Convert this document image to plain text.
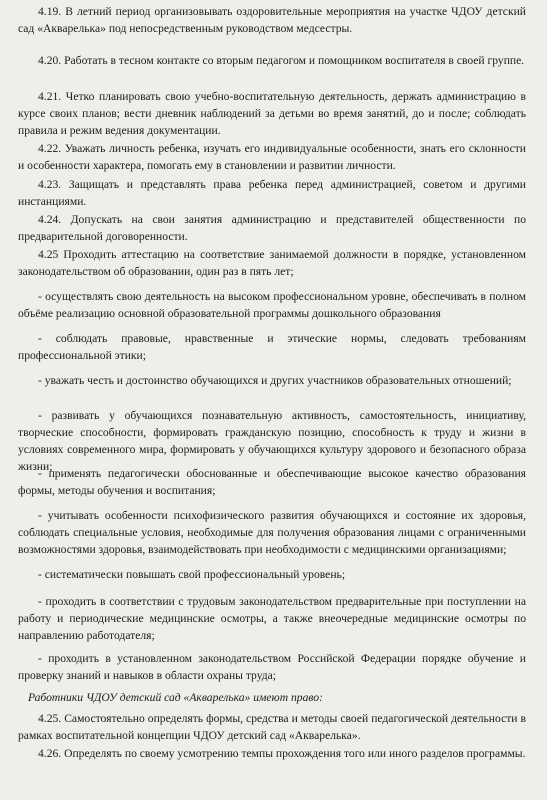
4.19. В летний период организовывать оздоровительные мероприятия на участке ЧДОУ детский сад «Акварелька» под непосредственным руководством медсестры.

4.20. Работать в тесном контакте со вторым педагогом и помощником воспитателя в своей группе.

4.21. Четко планировать свою учебно-воспитательную деятельность, держать администрацию в курсе своих планов; вести дневник наблюдений за детьми во время занятий, до и после; соблюдать правила и режим ведения документации.

4.22. Уважать личность ребенка, изучать его индивидуальные особенности, знать его склонности и особенности характера, помогать ему в становлении и развитии личности.

4.23. Защищать и представлять права ребенка перед администрацией, советом и другими инстанциями.

4.24. Допускать на свои занятия администрацию и представителей общественности по предварительной договоренности.

4.25 Проходить аттестацию на соответствие занимаемой должности в порядке, установленном законодательством об образовании, один раз в пять лет;

- осуществлять свою деятельность на высоком профессиональном уровне, обеспечивать в полном объёме реализацию основной образовательной программы дошкольного образования

- соблюдать правовые, нравственные и этические нормы, следовать требованиям профессиональной этики;

- уважать честь и достоинство обучающихся и других участников образовательных отношений;

- развивать у обучающихся познавательную активность, самостоятельность, инициативу, творческие способности, формировать гражданскую позицию, способность к труду и жизни в условиях современного мира, формировать у обучающихся культуру здорового и безопасного образа жизни;

- применять педагогически обоснованные и обеспечивающие высокое качество образования формы, методы обучения и воспитания;

- учитывать особенности психофизического развития обучающихся и состояние их здоровья, соблюдать специальные условия, необходимые для получения образования лицами с ограниченными возможностями здоровья, взаимодействовать при необходимости с медицинскими организациями;

- систематически повышать свой профессиональный уровень;

- проходить в соответствии с трудовым законодательством предварительные при поступлении на работу и периодические медицинские осмотры, а также внеочередные медицинские осмотры по направлению работодателя;

- проходить в установленном законодательством Российской Федерации порядке обучение и проверку знаний и навыков в области охраны труда;

Работники ЧДОУ детский сад «Акварелька» имеют право:

4.25. Самостоятельно определять формы, средства и методы своей педагогической деятельности в рамках воспитательной концепции ЧДОУ детский сад «Акварелька».

4.26. Определять по своему усмотрению темпы прохождения того или иного разделов программы.
